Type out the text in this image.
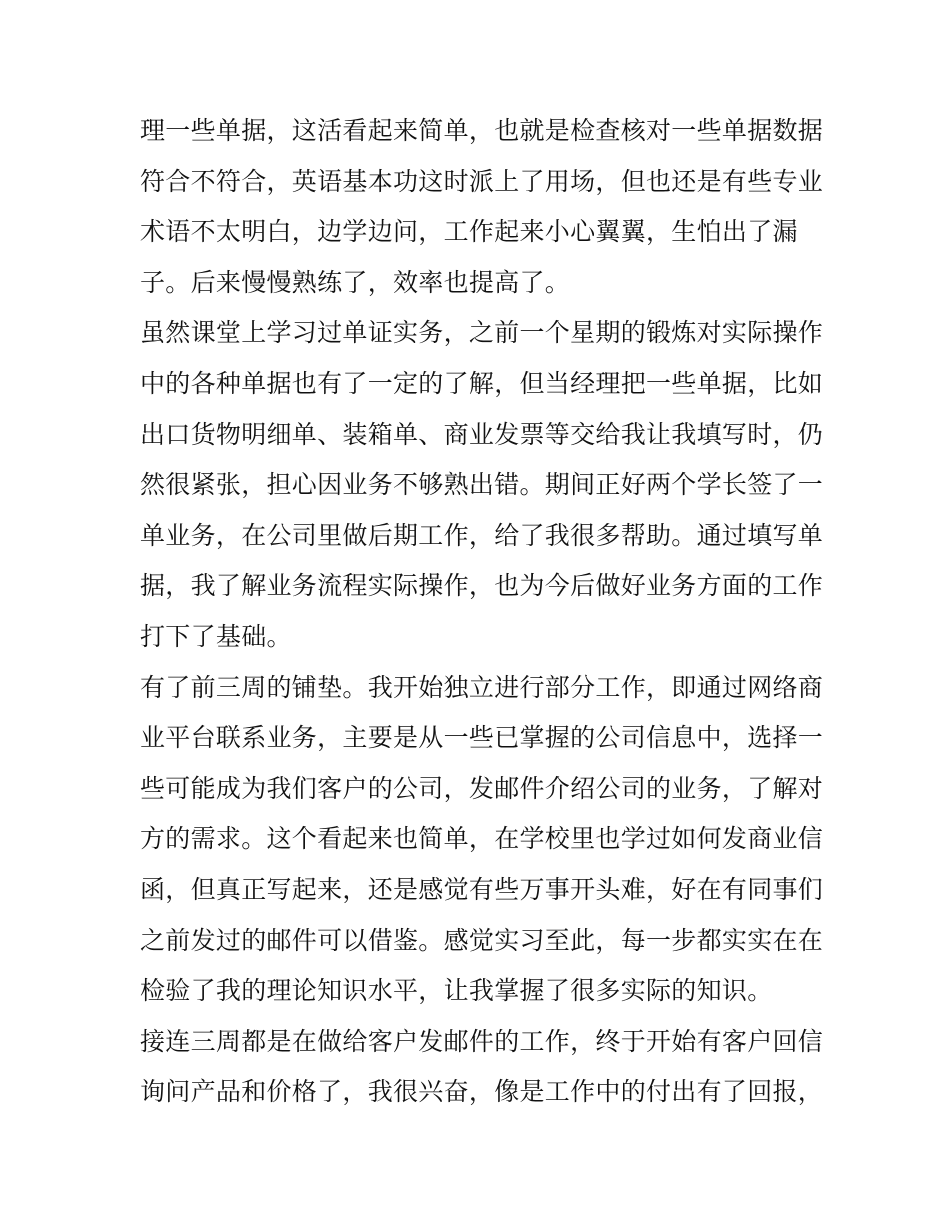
理一些单据，这活看起来简单，也就是检查核对一些单据数据
符合不符合，英语基本功这时派上了用场，但也还是有些专业
术语不太明白，边学边问，工作起来小心翼翼，生怕出了漏
子。后来慢慢熟练了，效率也提高了。
虽然课堂上学习过单证实务，之前一个星期的锻炼对实际操作
中的各种单据也有了一定的了解，但当经理把一些单据，比如
出口货物明细单、装箱单、商业发票等交给我让我填写时，仍
然很紧张，担心因业务不够熟出错。期间正好两个学长签了一
单业务，在公司里做后期工作，给了我很多帮助。通过填写单
据，我了解业务流程实际操作，也为今后做好业务方面的工作
打下了基础。
有了前三周的铺垫。我开始独立进行部分工作，即通过网络商
业平台联系业务，主要是从一些已掌握的公司信息中，选择一
些可能成为我们客户的公司，发邮件介绍公司的业务，了解对
方的需求。这个看起来也简单，在学校里也学过如何发商业信
函，但真正写起来，还是感觉有些万事开头难，好在有同事们
之前发过的邮件可以借鉴。感觉实习至此，每一步都实实在在
检验了我的理论知识水平，让我掌握了很多实际的知识。
接连三周都是在做给客户发邮件的工作，终于开始有客户回信
询问产品和价格了，我很兴奋，像是工作中的付出有了回报，
